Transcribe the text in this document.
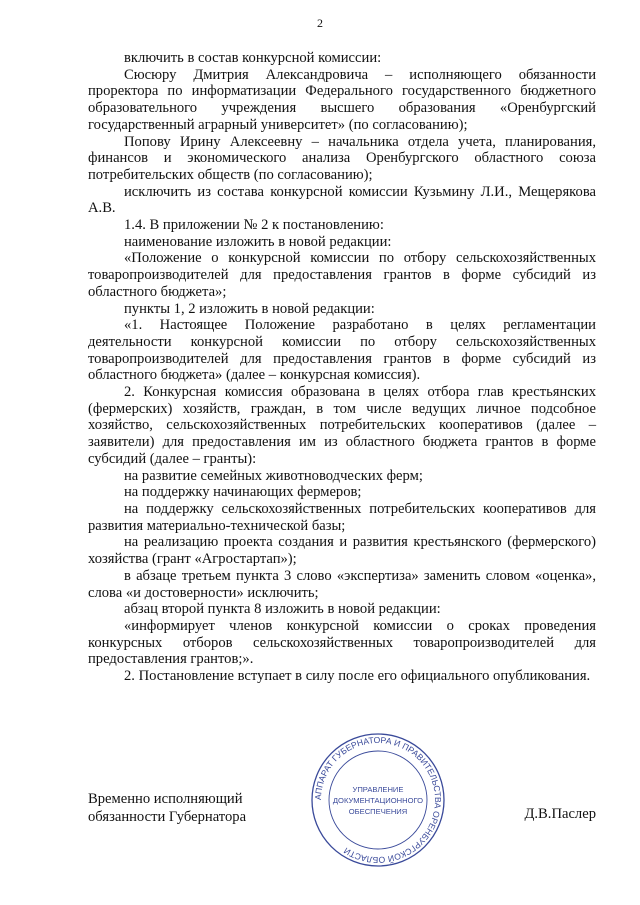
2

включить в состав конкурсной комиссии:

Сюсюру Дмитрия Александровича – исполняющего обязанности проректора по информатизации Федерального государственного бюджетного образовательного учреждения высшего образования «Оренбургский государственный аграрный университет» (по согласованию);

Попову Ирину Алексеевну – начальника отдела учета, планирования, финансов и экономического анализа Оренбургского областного союза потребительских обществ (по согласованию);

исключить из состава конкурсной комиссии Кузьмину Л.И., Мещерякова А.В.

1.4. В приложении № 2 к постановлению:

наименование изложить в новой редакции:

«Положение о конкурсной комиссии по отбору сельскохозяйственных товаропроизводителей для предоставления грантов в форме субсидий из областного бюджета»;

пункты 1, 2 изложить в новой редакции:

«1. Настоящее Положение разработано в целях регламентации деятельности конкурсной комиссии по отбору сельскохозяйственных товаропроизводителей для предоставления грантов в форме субсидий из областного бюджета» (далее – конкурсная комиссия).

2. Конкурсная комиссия образована в целях отбора глав крестьянских (фермерских) хозяйств, граждан, в том числе ведущих личное подсобное хозяйство, сельскохозяйственных потребительских кооперативов (далее – заявители) для предоставления им из областного бюджета грантов в форме субсидий (далее – гранты):

на развитие семейных животноводческих ферм;

на поддержку начинающих фермеров;

на поддержку сельскохозяйственных потребительских кооперативов для развития материально-технической базы;

на реализацию проекта создания и развития крестьянского (фермерского) хозяйства (грант «Агростартап»);

в абзаце третьем пункта 3 слово «экспертиза» заменить словом «оценка», слова «и достоверности» исключить;

абзац второй пункта 8 изложить в новой редакции:

«информирует членов конкурсной комиссии о сроках проведения конкурсных отборов сельскохозяйственных товаропроизводителей для предоставления грантов;».

2. Постановление вступает в силу после его официального опубликования.

АППАРАТ ГУБЕРНАТОРА И ПРАВИТЕЛЬСТВА ОРЕНБУРГСКОЙ ОБЛАСТИ
УПРАВЛЕНИЕ
ДОКУМЕНТАЦИОННОГО
ОБЕСПЕЧЕНИЯ
Временно исполняющий
обязанности Губернатора	Д.В.Паслер
